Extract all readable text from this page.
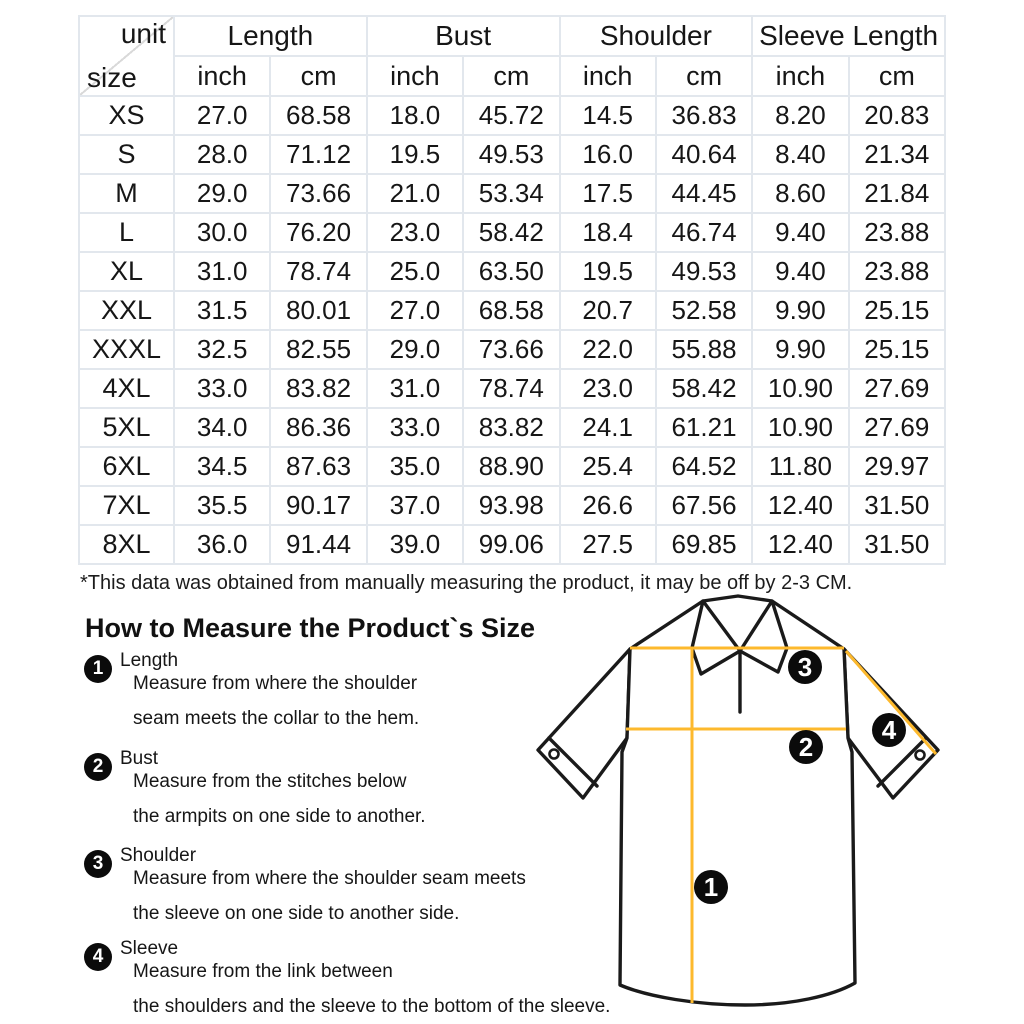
unit
size	Length		Bust		Shoulder		Sleeve Length	
	inch	cm	inch	cm	inch	cm	inch	cm
XS	27.0	68.58	18.0	45.72	14.5	36.83	8.20	20.83
S	28.0	71.12	19.5	49.53	16.0	40.64	8.40	21.34
M	29.0	73.66	21.0	53.34	17.5	44.45	8.60	21.84
L	30.0	76.20	23.0	58.42	18.4	46.74	9.40	23.88
XL	31.0	78.74	25.0	63.50	19.5	49.53	9.40	23.88
XXL	31.5	80.01	27.0	68.58	20.7	52.58	9.90	25.15
XXXL	32.5	82.55	29.0	73.66	22.0	55.88	9.90	25.15
4XL	33.0	83.82	31.0	78.74	23.0	58.42	10.90	27.69
5XL	34.0	86.36	33.0	83.82	24.1	61.21	10.90	27.69
6XL	34.5	87.63	35.0	88.90	25.4	64.52	11.80	29.97
7XL	35.5	90.17	37.0	93.98	26.6	67.56	12.40	31.50
8XL	36.0	91.44	39.0	99.06	27.5	69.85	12.40	31.50
*This data was obtained from manually measuring the product, it may be off by 2-3 CM.
How to Measure the Product`s Size
1 Length
Measure from where the shoulder
seam meets the collar to the hem.
2 Bust
Measure from the stitches below
the armpits on one side to another.
3 Shoulder
Measure from where the shoulder seam meets
the sleeve on one side to another side.
4 Sleeve
Measure from the link between
the shoulders and the sleeve to the bottom of the sleeve.
1
2
3
4
